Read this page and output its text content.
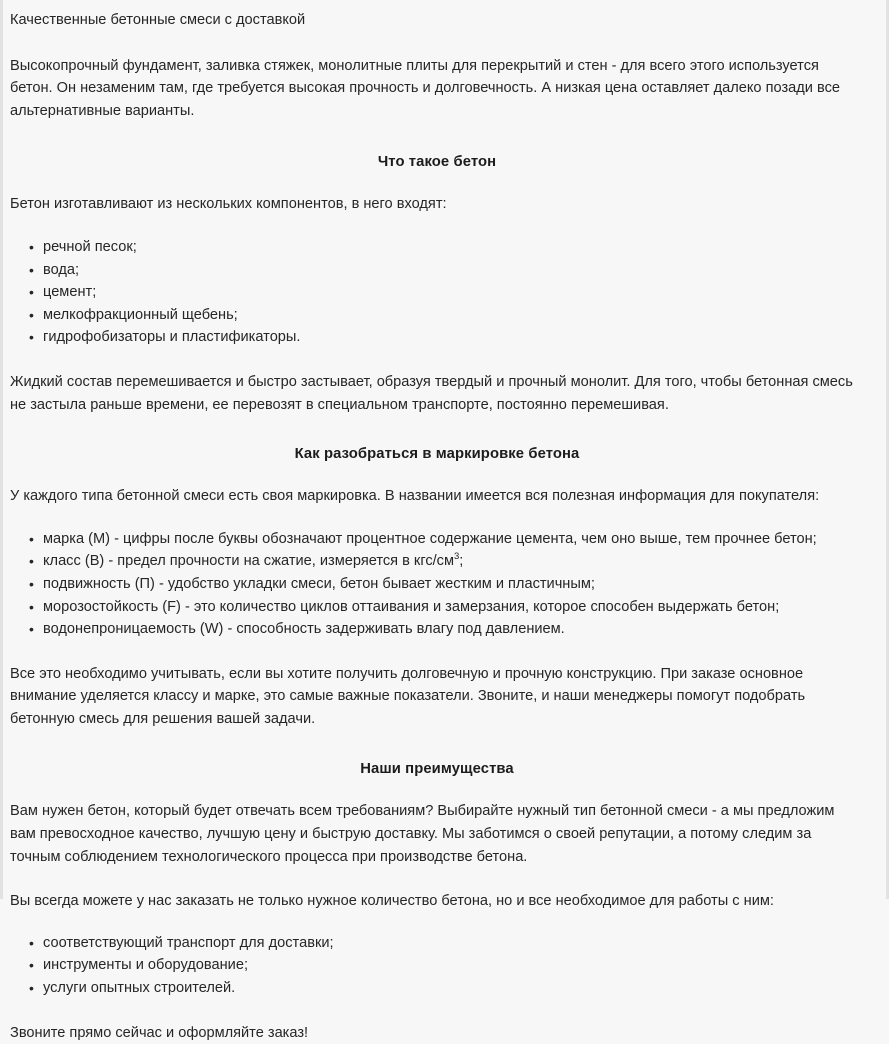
Качественные бетонные смеси с доставкой

Высокопрочный фундамент, заливка стяжек, монолитные плиты для перекрытий и стен - для всего этого используется бетон. Он незаменим там, где требуется высокая прочность и долговечность. А низкая цена оставляет далеко позади все альтернативные варианты.

Что такое бетон

Бетон изготавливают из нескольких компонентов, в него входят:

• речной песок;
• вода;
• цемент;
• мелкофракционный щебень;
• гидрофобизаторы и пластификаторы.

Жидкий состав перемешивается и быстро застывает, образуя твердый и прочный монолит. Для того, чтобы бетонная смесь не застыла раньше времени, ее перевозят в специальном транспорте, постоянно перемешивая.

Как разобраться в маркировке бетона

У каждого типа бетонной смеси есть своя маркировка. В названии имеется вся полезная информация для покупателя:

• марка (М) - цифры после буквы обозначают процентное содержание цемента, чем оно выше, тем прочнее бетон;
• класс (В) - предел прочности на сжатие, измеряется в кгс/$см^3$;
• подвижность (П) - удобство укладки смеси, бетон бывает жестким и пластичным;
• морозостойкость (F) - это количество циклов оттаивания и замерзания, которое способен выдержать бетон;
• водонепроницаемость (W) - способность задерживать влагу под давлением.

Все это необходимо учитывать, если вы хотите получить долговечную и прочную конструкцию. При заказе основное внимание уделяется классу и марке, это самые важные показатели. Звоните, и наши менеджеры помогут подобрать бетонную смесь для решения вашей задачи.

Наши преимущества

Вам нужен бетон, который будет отвечать всем требованиям? Выбирайте нужный тип бетонной смеси - а мы предложим вам превосходное качество, лучшую цену и быструю доставку. Мы заботимся о своей репутации, а потому следим за точным соблюдением технологического процесса при производстве бетона.

Вы всегда можете у нас заказать не только нужное количество бетона, но и все необходимое для работы с ним:

• соответствующий транспорт для доставки;
• инструменты и оборудование;
• услуги опытных строителей.

Звоните прямо сейчас и оформляйте заказ!
